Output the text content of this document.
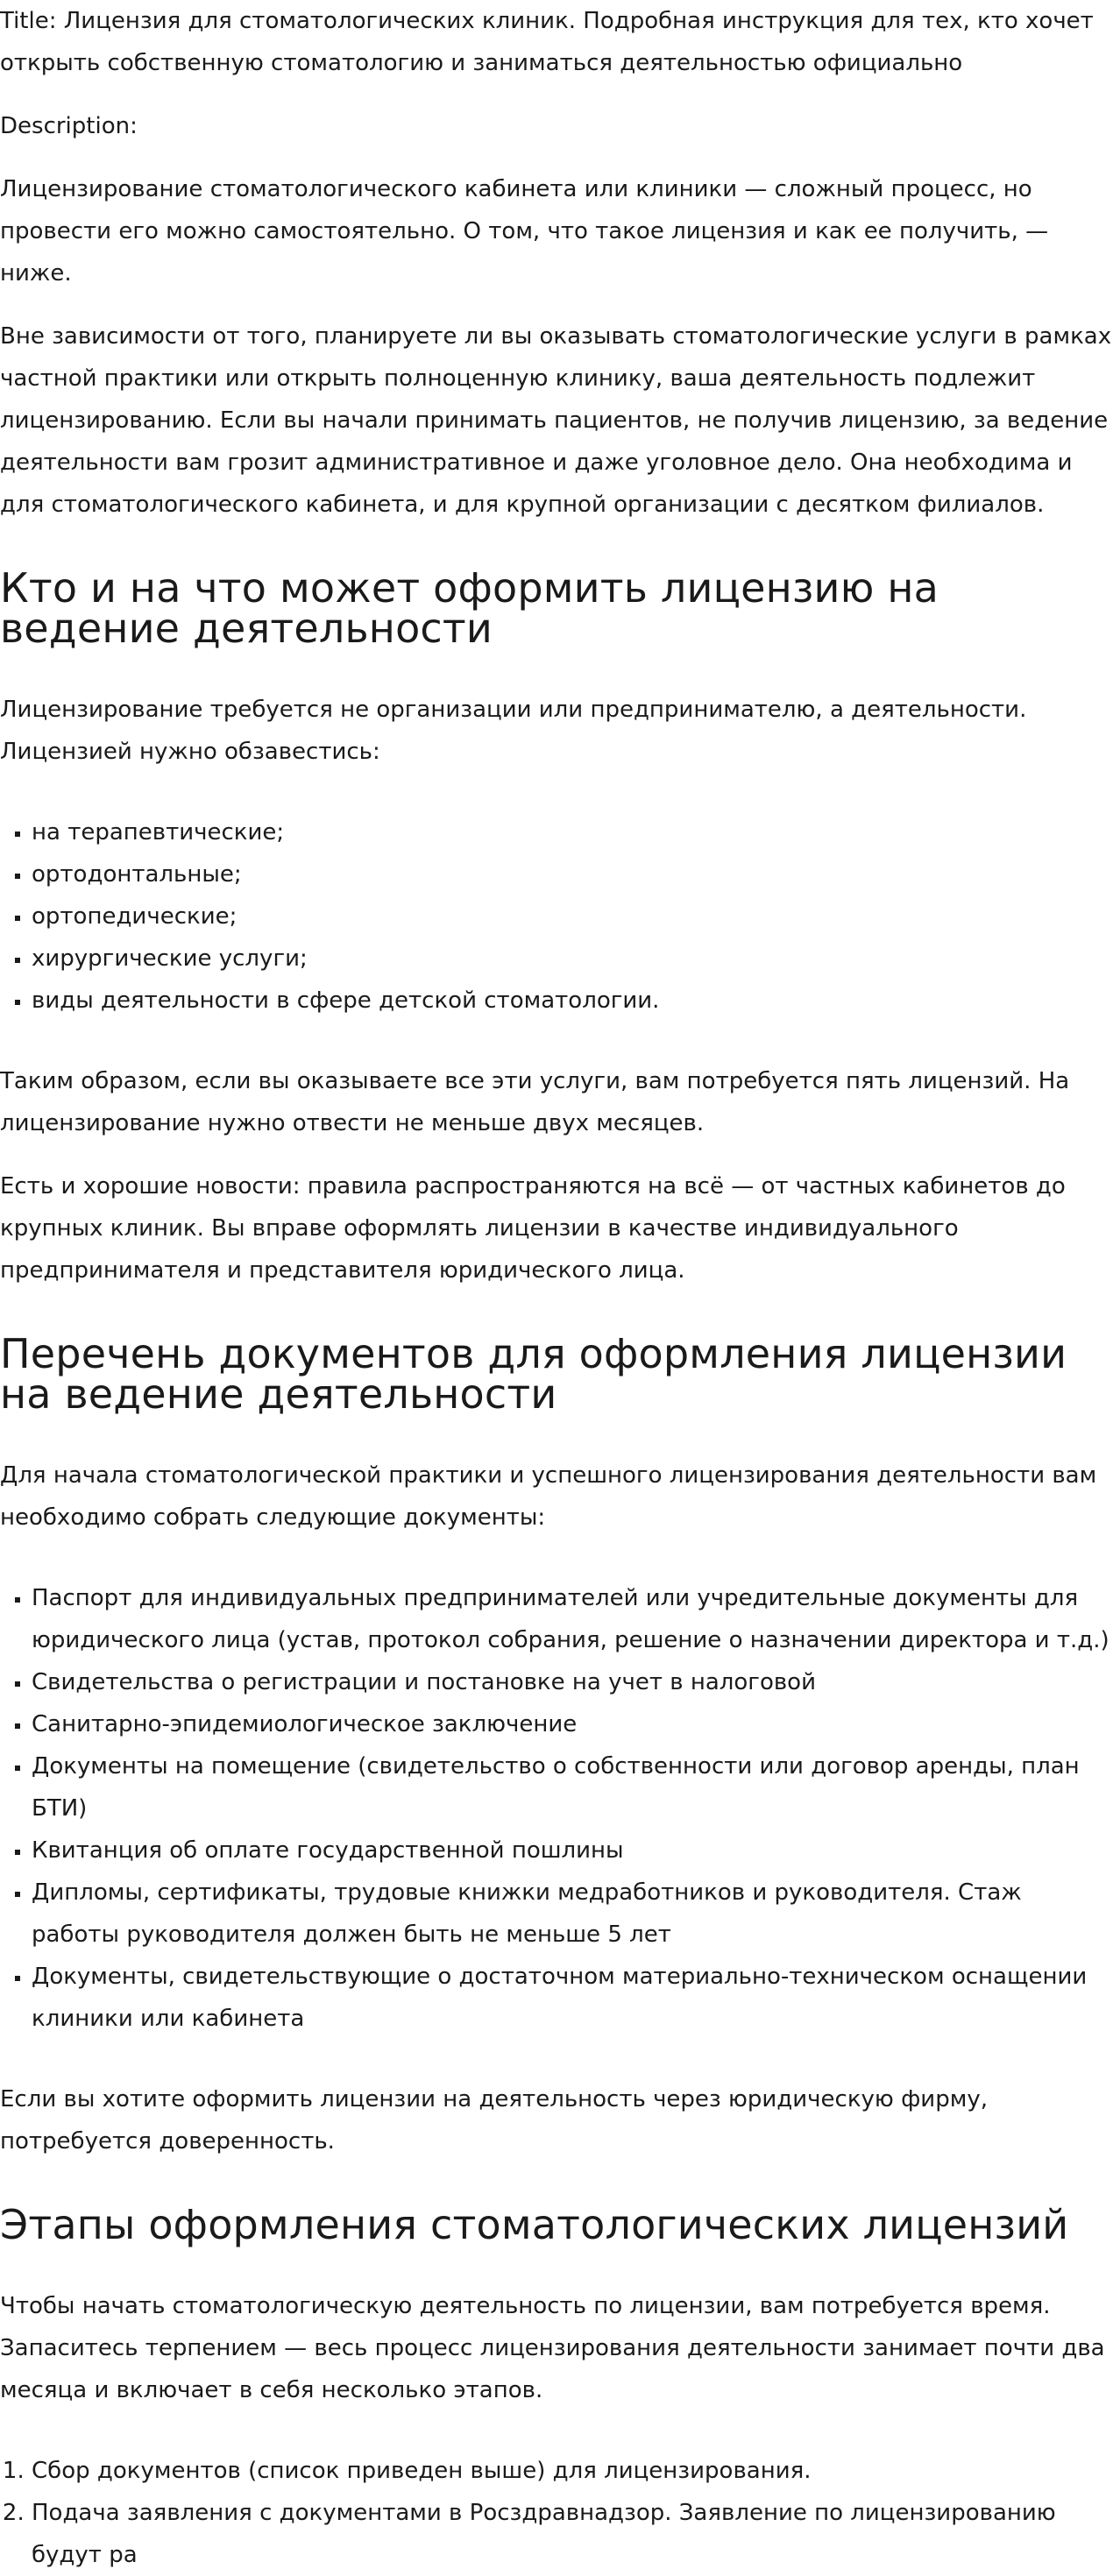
Title: Лицензия для стоматологических клиник. Подробная инструкция для тех, кто хочет открыть собственную стоматологию и заниматься деятельностью официально

Description:

Лицензирование стоматологического кабинета или клиники — сложный процесс, но провести его можно самостоятельно. О том, что такое лицензия и как ее получить, — ниже.

Вне зависимости от того, планируете ли вы оказывать стоматологические услуги в рамках частной практики или открыть полноценную клинику, ваша деятельность подлежит лицензированию. Если вы начали принимать пациентов, не получив лицензию, за ведение деятельности вам грозит административное и даже уголовное дело. Она необходима и для стоматологического кабинета, и для крупной организации с десятком филиалов.

Кто и на что может оформить лицензию на ведение деятельности

Лицензирование требуется не организации или предпринимателю, а деятельности. Лицензией нужно обзавестись:

▪ на терапевтические;
▪ ортодонтальные;
▪ ортопедические;
▪ хирургические услуги;
▪ виды деятельности в сфере детской стоматологии.

Таким образом, если вы оказываете все эти услуги, вам потребуется пять лицензий. На лицензирование нужно отвести не меньше двух месяцев.

Есть и хорошие новости: правила распространяются на всё — от частных кабинетов до крупных клиник. Вы вправе оформлять лицензии в качестве индивидуального предпринимателя и представителя юридического лица.

Перечень документов для оформления лицензии на ведение деятельности

Для начала стоматологической практики и успешного лицензирования деятельности вам необходимо собрать следующие документы:

▪ Паспорт для индивидуальных предпринимателей или учредительные документы для юридического лица (устав, протокол собрания, решение о назначении директора и т.д.)
▪ Свидетельства о регистрации и постановке на учет в налоговой
▪ Санитарно-эпидемиологическое заключение
▪ Документы на помещение (свидетельство о собственности или договор аренды, план БТИ)
▪ Квитанция об оплате государственной пошлины
▪ Дипломы, сертификаты, трудовые книжки медработников и руководителя. Стаж работы руководителя должен быть не меньше 5 лет
▪ Документы, свидетельствующие о достаточном материально-техническом оснащении клиники или кабинета

Если вы хотите оформить лицензии на деятельность через юридическую фирму, потребуется доверенность.

Этапы оформления стоматологических лицензий

Чтобы начать стоматологическую деятельность по лицензии, вам потребуется время. Запаситесь терпением — весь процесс лицензирования деятельности занимает почти два месяца и включает в себя несколько этапов.

1. Сбор документов (список приведен выше) для лицензирования.
2. Подача заявления с документами в Росздравнадзор. Заявление по лицензированию будут ра
